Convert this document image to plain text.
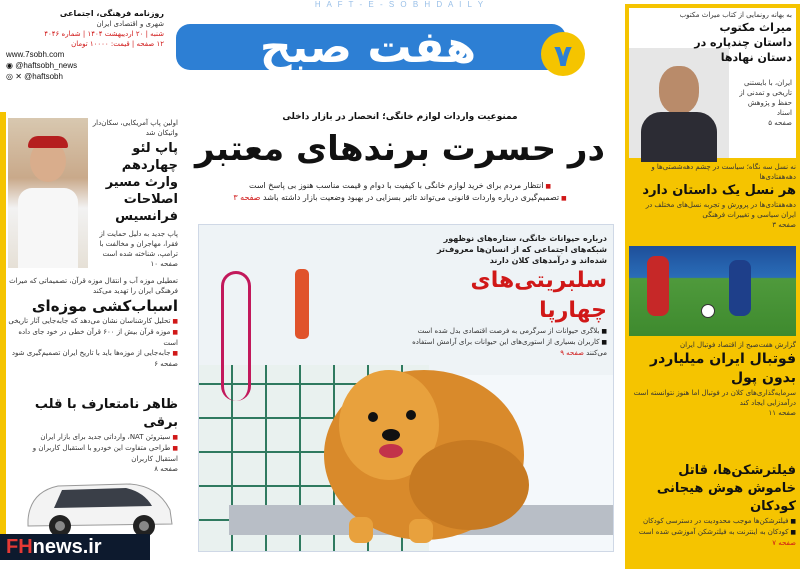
H A F T - E - S O B H D A I L Y
هفت صبح	۷
روزنامه فرهنگی، اجتماعی
شهری و اقتصادی ایران
شنبه | ۲۰ اردیبهشت ۱۴۰۴ | شماره ۴۰۴۶
۱۲ صفحه | قیمت: ۱۰۰۰۰ تومان
www.7sobh.com
◉ @haftsobh_news
◎ ✕ @haftsobh
اولین پاپ آمریکایی، سکان‌دار واتیکان شد
پاپ لئو چهاردهم وارث مسیر اصلاحات فرانسیس
پاپ جدید به دلیل حمایت از فقرا، مهاجران و مخالفت با ترامپ، شناخته شده است
صفحه ۱۰
تعطیلی موزه‌ آب و انتقال موزه قرآن، تصمیماتی که میراث فرهنگی ایران را تهدید می‌کند
اسباب‌کشی موزه‌ای
■ تحلیل کارشناسان نشان می‌دهد که جابه‌جایی آثار تاریخی
■ موزه قرآن بیش از ۶۰۰ قرآن خطی در خود جای داده است
■ جابه‌جایی از موزه‌ها باید با تاریخ ایران تصمیم‌گیری شود
صفحه ۶
ظاهر نامتعارف با قلب برقی
■ سیتروئن NAT، وارداتی جدید برای بازار ایران
■ طراحی متفاوت این خودرو با استقبال کاربران و استقبال کاربران
صفحه ۸
ممنوعیت واردات لوازم خانگی؛ انحصار در بازار داخلی
در حسرت برندهای معتبر
■ انتظار مردم برای خرید لوازم خانگی با کیفیت با دوام و قیمت مناسب هنوز بی پاسخ است
■ تصمیم‌گیری درباره واردات قانونی می‌تواند تاثیر بسزایی در بهبود وضعیت بازار داشته باشد صفحه ۳
درباره حیوانات خانگی، ستاره‌های نوظهور شبکه‌های اجتماعی که از انسان‌ها معروف‌تر شده‌اند و درآمدهای کلان دارند
سلبریتی‌های چهارپا
■ بلاگری حیوانات از سرگرمی به فرصت اقتصادی بدل شده است
■ کاربران بسیاری از استوری‌های این حیوانات برای آرامش استفاده می‌کنند صفحه ۹
به بهانه رونمایی از کتاب میراث مکتوب
میراث مکتوب داستان چندپاره در دستان نهادها
ایران، با بایستنی تاریخی و تمدنی از حفظ و پژوهش اسناد
صفحه ۵
نه نسل سه نگاه؛ سیاست در چشم دهه‌شصتی‌ها و دهه‌هفتادی‌ها
هر نسل یک داستان دارد
دهه‌هفتادی‌ها در پرورش و تجربه نسل‌های مختلف در ایران سیاسی و تغییرات فرهنگی
صفحه ۳
گزارش هفت‌صبح از اقتصاد فوتبال ایران
فوتبال ایران میلیاردر بدون پول
سرمایه‌گذاری‌های کلان در فوتبال اما هنوز نتوانسته است درآمدزایی ایجاد کند
صفحه ۱۱
فیلترشکن‌ها، قاتل خاموش هوش هیجانی کودکان
■ فیلترشکن‌ها موجب محدودیت در دسترسی کودکان
■ کودکان به اینترنت به فیلترشکن آموزشی شده است صفحه ۷
FHnews.ir
